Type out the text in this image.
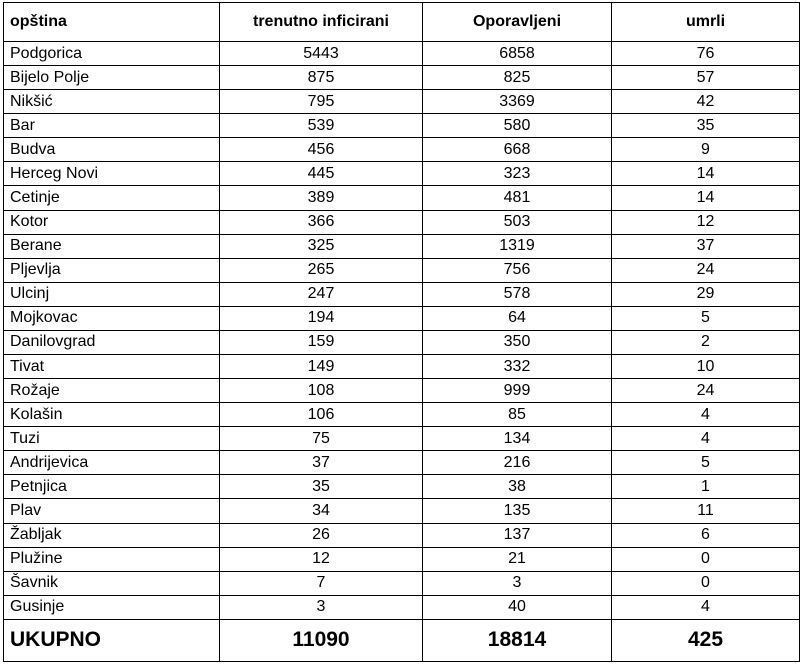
opština	trenutno inficirani	Oporavljeni	umrli
Podgorica	5443	6858	76
Bijelo Polje	875	825	57
Nikšić	795	3369	42
Bar	539	580	35
Budva	456	668	9
Herceg Novi	445	323	14
Cetinje	389	481	14
Kotor	366	503	12
Berane	325	1319	37
Pljevlja	265	756	24
Ulcinj	247	578	29
Mojkovac	194	64	5
Danilovgrad	159	350	2
Tivat	149	332	10
Rožaje	108	999	24
Kolašin	106	85	4
Tuzi	75	134	4
Andrijevica	37	216	5
Petnjica	35	38	1
Plav	34	135	11
Žabljak	26	137	6
Plužine	12	21	0
Šavnik	7	3	0
Gusinje	3	40	4
UKUPNO	11090	18814	425
